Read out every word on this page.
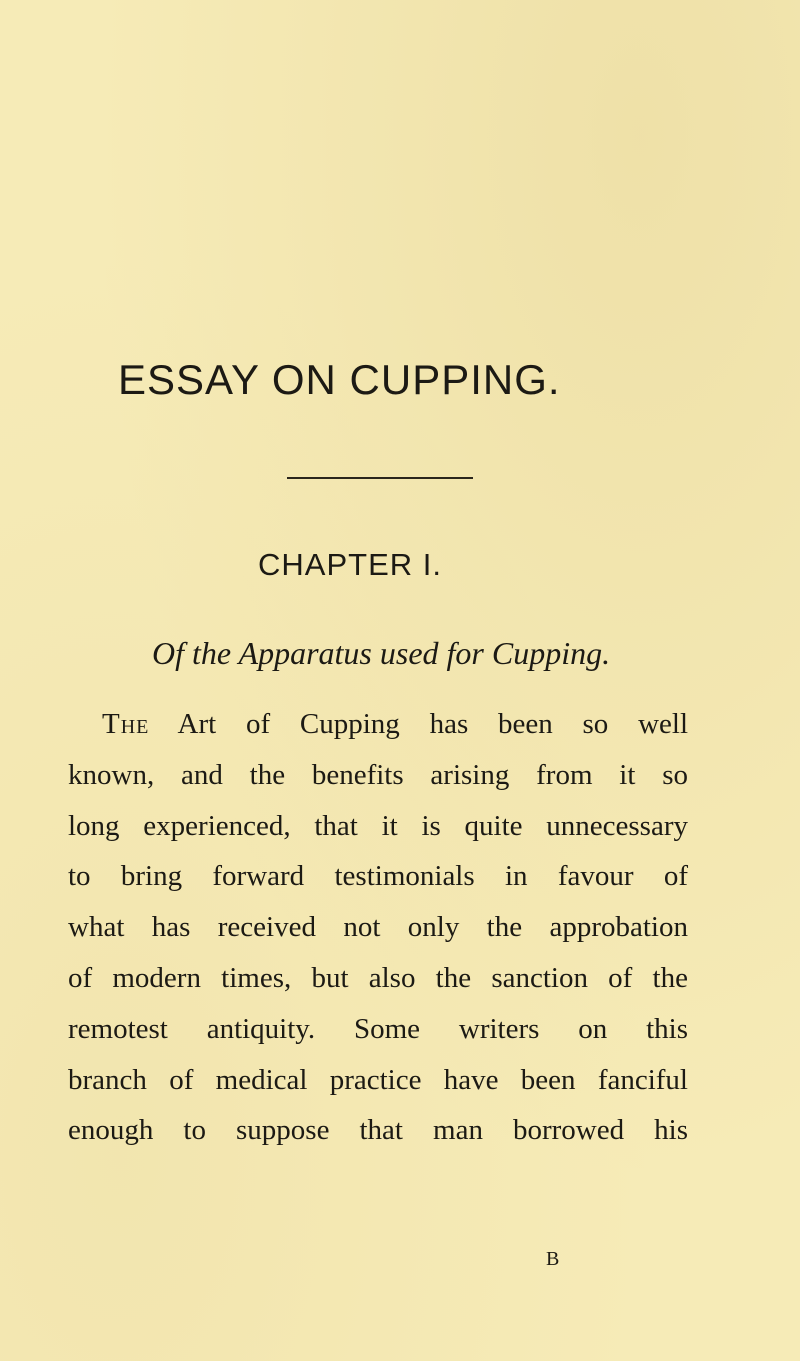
ESSAY ON CUPPING.
CHAPTER I.
Of the Apparatus used for Cupping.
The Art of Cupping has been so well
known, and the benefits arising from it so
long experienced, that it is quite unnecessary
to bring forward testimonials in favour of
what has received not only the approbation
of modern times, but also the sanction of the
remotest antiquity. Some writers on this
branch of medical practice have been fanciful
enough to suppose that man borrowed his

B
